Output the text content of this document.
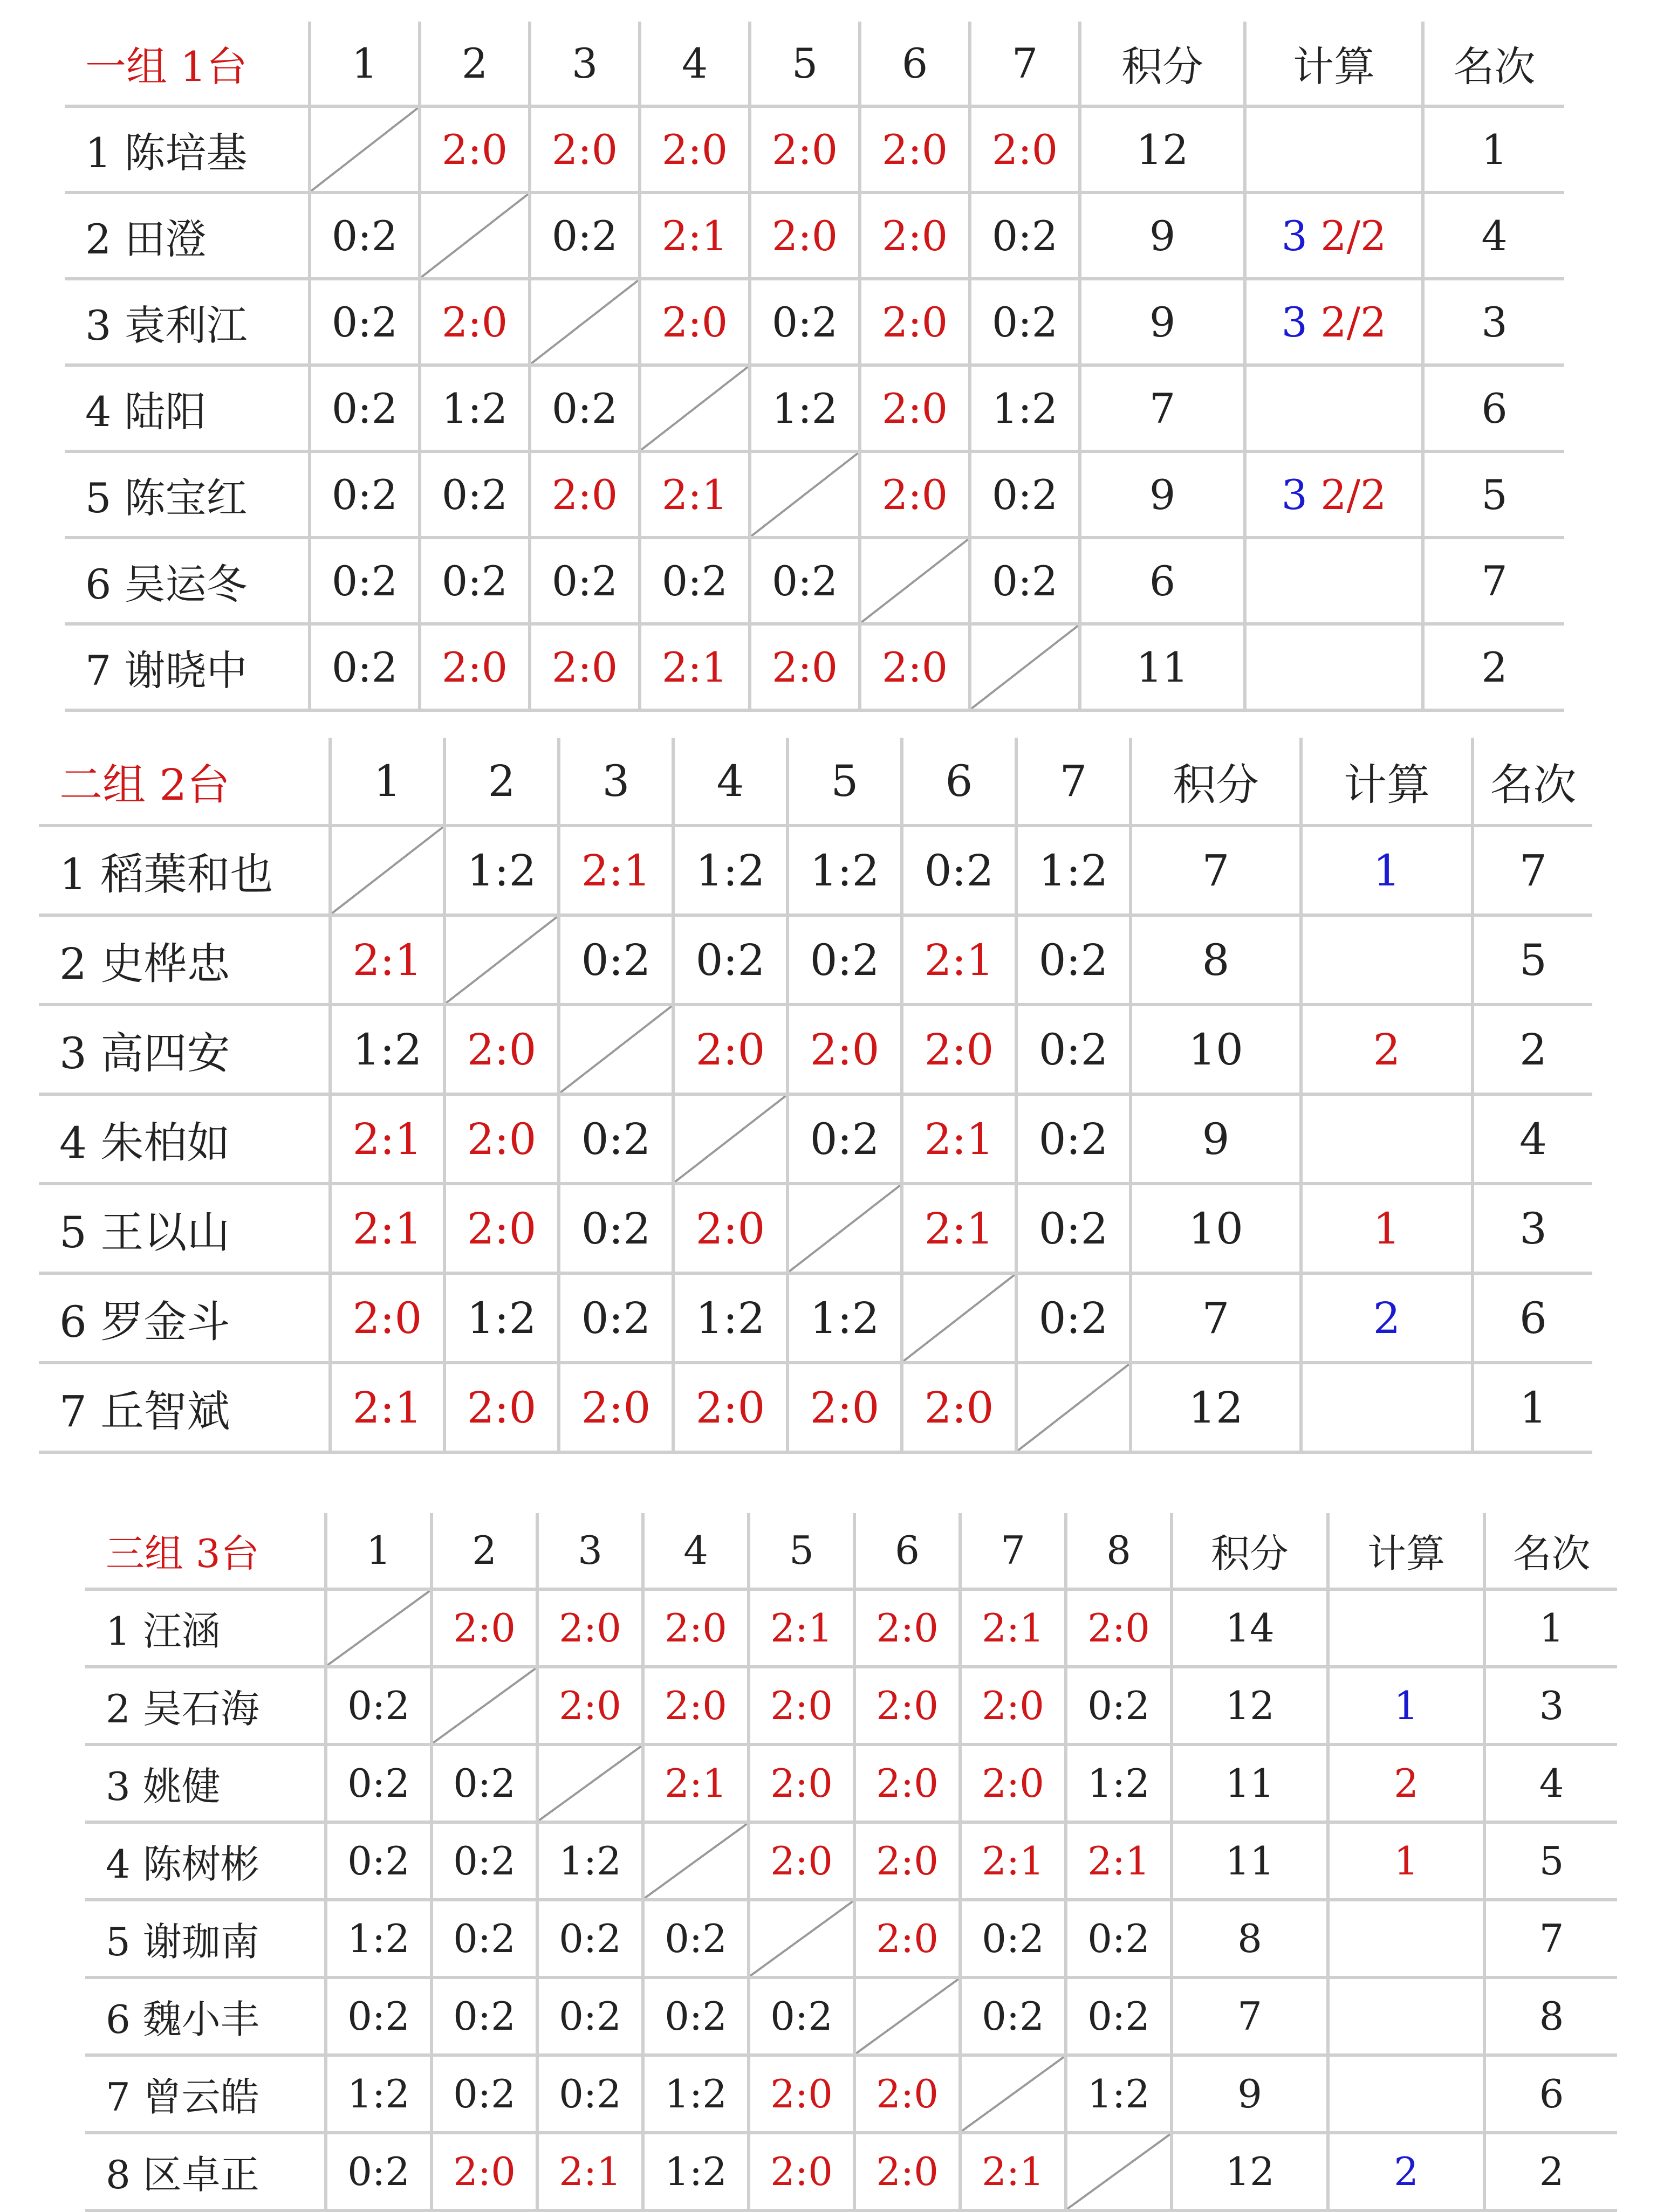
一组 1台	1	2	3	4	5	6	7	积分	计算	名次
1 陈培基		2:0	2:0	2:0	2:0	2:0	2:0	12		1
2 田澄	0:2		0:2	2:1	2:0	2:0	0:2	9	3 2/2	4
3 袁利江	0:2	2:0		2:0	0:2	2:0	0:2	9	3 2/2	3
4 陆阳	0:2	1:2	0:2		1:2	2:0	1:2	7		6
5 陈宝红	0:2	0:2	2:0	2:1		2:0	0:2	9	3 2/2	5
6 吴运冬	0:2	0:2	0:2	0:2	0:2		0:2	6		7
7 谢晓中	0:2	2:0	2:0	2:1	2:0	2:0		11		2
二组 2台	1	2	3	4	5	6	7	积分	计算	名次
1 稻葉和也		1:2	2:1	1:2	1:2	0:2	1:2	7	1	7
2 史桦忠	2:1		0:2	0:2	0:2	2:1	0:2	8		5
3 高四安	1:2	2:0		2:0	2:0	2:0	0:2	10	2	2
4 朱柏如	2:1	2:0	0:2		0:2	2:1	0:2	9		4
5 王以山	2:1	2:0	0:2	2:0		2:1	0:2	10	1	3
6 罗金斗	2:0	1:2	0:2	1:2	1:2		0:2	7	2	6
7 丘智斌	2:1	2:0	2:0	2:0	2:0	2:0		12		1
三组 3台	1	2	3	4	5	6	7	8	积分	计算	名次
1 汪涵		2:0	2:0	2:0	2:1	2:0	2:1	2:0	14		1
2 吴石海	0:2		2:0	2:0	2:0	2:0	2:0	0:2	12	1	3
3 姚健	0:2	0:2		2:1	2:0	2:0	2:0	1:2	11	2	4
4 陈树彬	0:2	0:2	1:2		2:0	2:0	2:1	2:1	11	1	5
5 谢珈南	1:2	0:2	0:2	0:2		2:0	0:2	0:2	8		7
6 魏小丰	0:2	0:2	0:2	0:2	0:2		0:2	0:2	7		8
7 曾云皓	1:2	0:2	0:2	1:2	2:0	2:0		1:2	9		6
8 区卓正	0:2	2:0	2:1	1:2	2:0	2:0	2:1		12	2	2
